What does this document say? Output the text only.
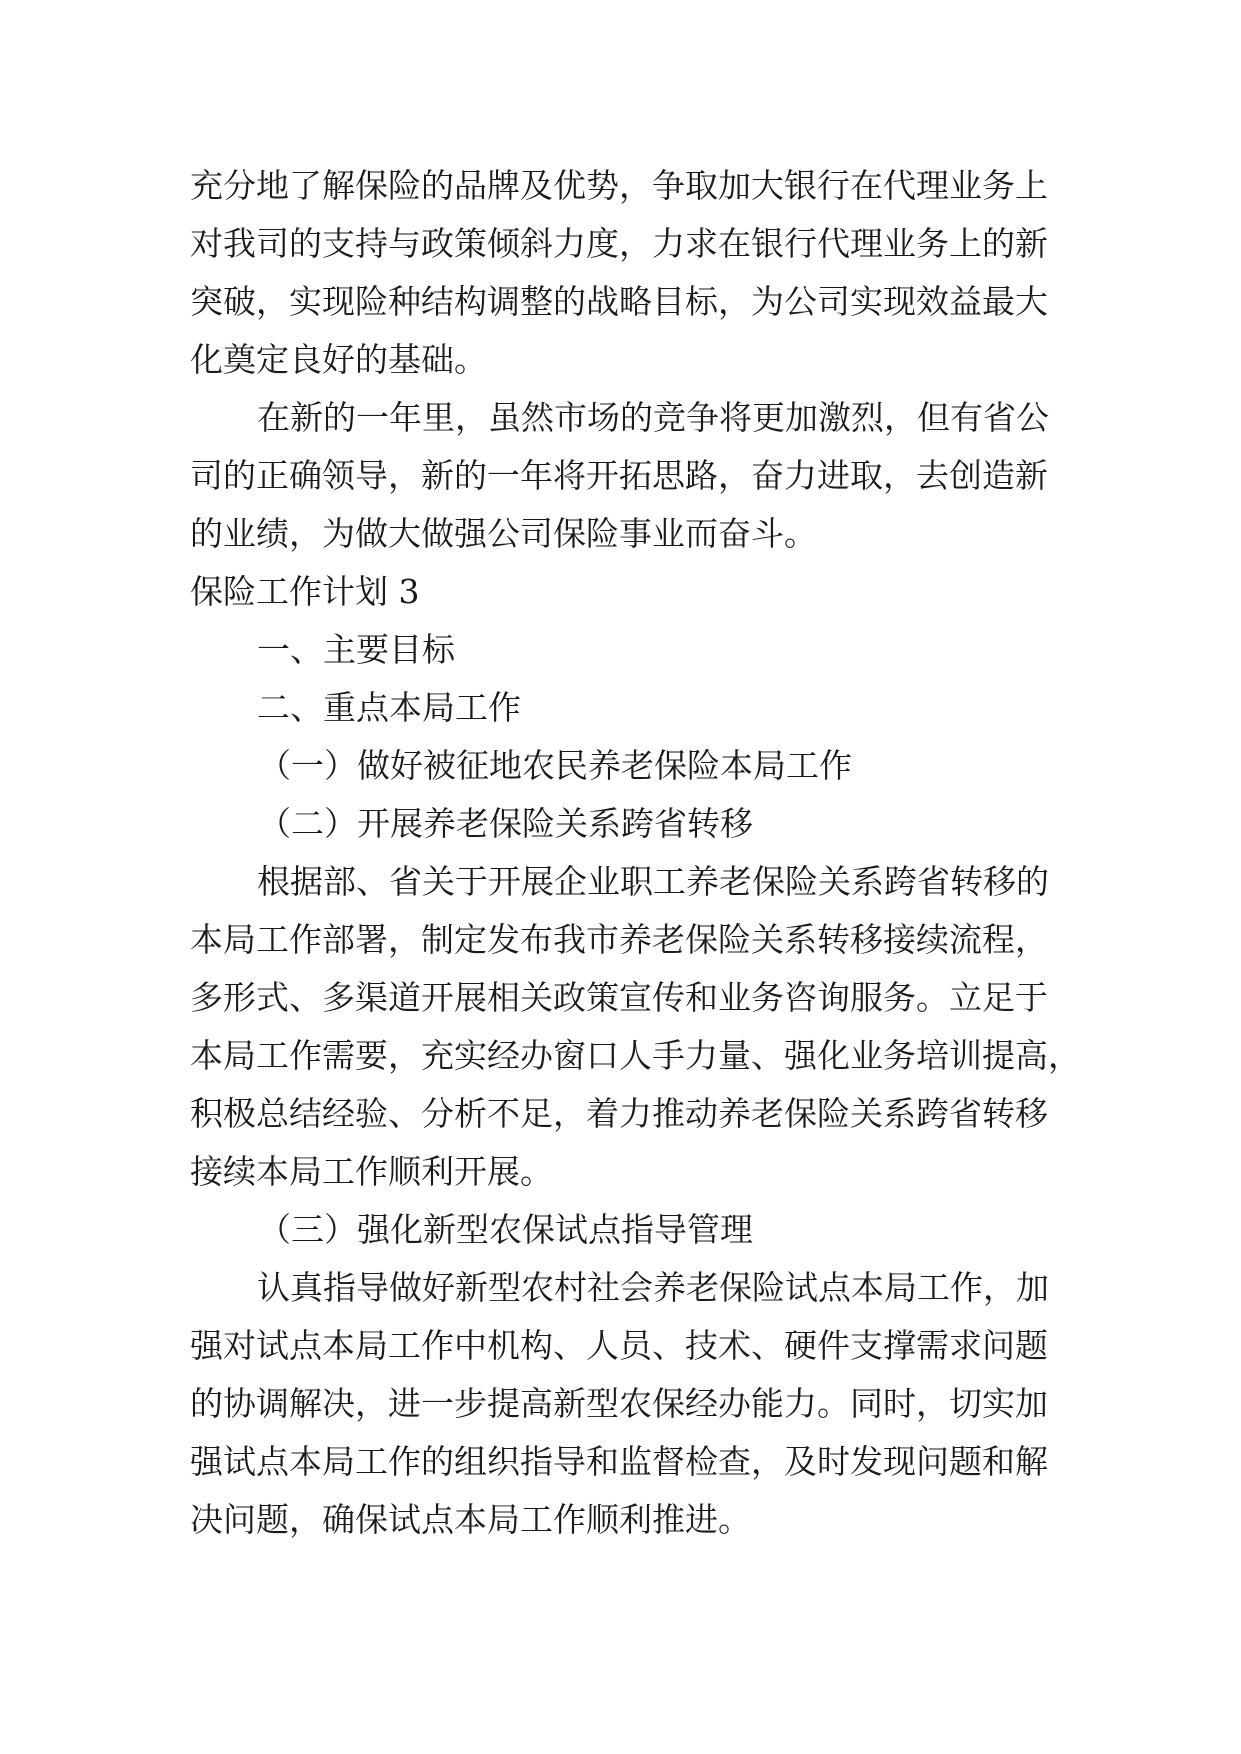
充分地了解保险的品牌及优势，争取加大银行在代理业务上
对我司的支持与政策倾斜力度，力求在银行代理业务上的新
突破，实现险种结构调整的战略目标，为公司实现效益最大
化奠定良好的基础。
在新的一年里，虽然市场的竞争将更加激烈，但有省公
司的正确领导，新的一年将开拓思路，奋力进取，去创造新
的业绩，为做大做强公司保险事业而奋斗。
保险工作计划 3
一、主要目标
二、重点本局工作
（一）做好被征地农民养老保险本局工作
（二）开展养老保险关系跨省转移
根据部、省关于开展企业职工养老保险关系跨省转移的
本局工作部署，制定发布我市养老保险关系转移接续流程，
多形式、多渠道开展相关政策宣传和业务咨询服务。立足于
本局工作需要，充实经办窗口人手力量、强化业务培训提高，
积极总结经验、分析不足，着力推动养老保险关系跨省转移
接续本局工作顺利开展。
（三）强化新型农保试点指导管理
认真指导做好新型农村社会养老保险试点本局工作，加
强对试点本局工作中机构、人员、技术、硬件支撑需求问题
的协调解决，进一步提高新型农保经办能力。同时，切实加
强试点本局工作的组织指导和监督检查，及时发现问题和解
决问题，确保试点本局工作顺利推进。
